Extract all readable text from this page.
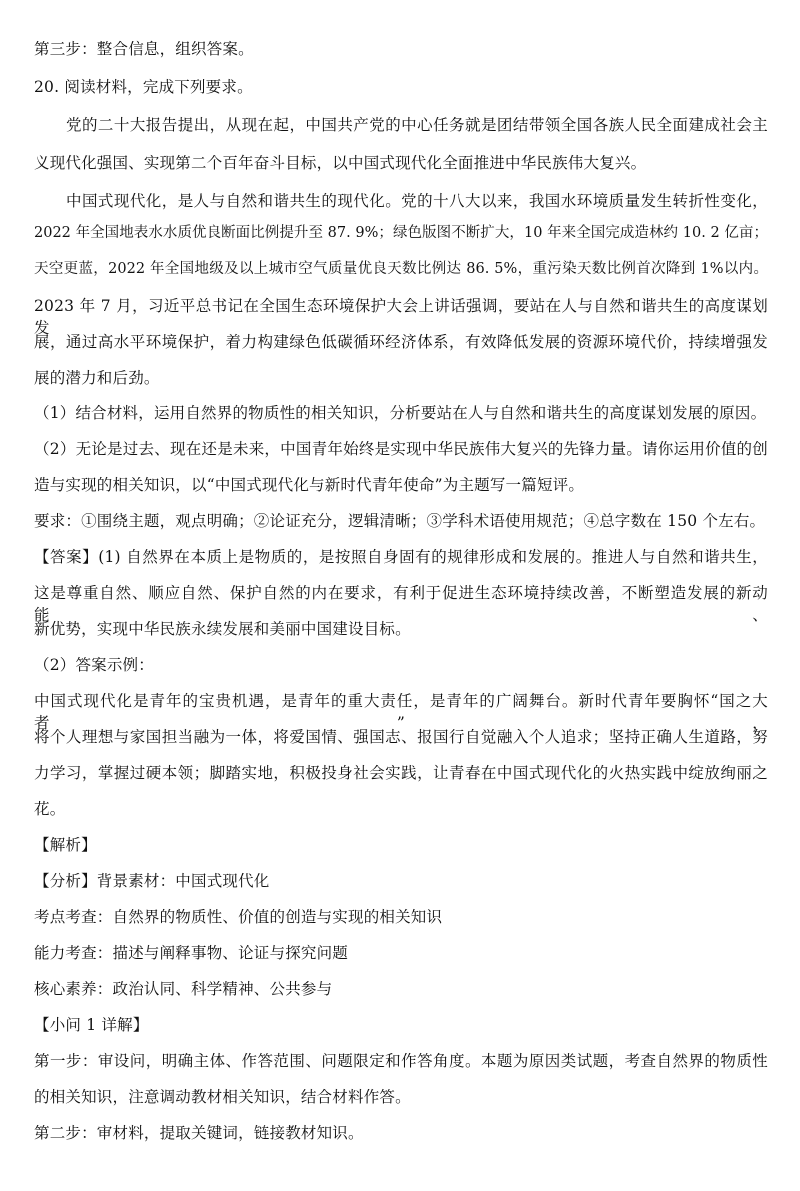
第三步：整合信息，组织答案。
20. 阅读材料，完成下列要求。
党的二十大报告提出，从现在起，中国共产党的中心任务就是团结带领全国各族人民全面建成社会主
义现代化强国、实现第二个百年奋斗目标，以中国式现代化全面推进中华民族伟大复兴。
中国式现代化，是人与自然和谐共生的现代化。党的十八大以来，我国水环境质量发生转折性变化，
2022 年全国地表水水质优良断面比例提升至 87. 9%；绿色版图不断扩大，10 年来全国完成造林约 10. 2 亿亩；
天空更蓝，2022 年全国地级及以上城市空气质量优良天数比例达 86. 5%，重污染天数比例首次降到 1%以内。
2023 年 7 月，习近平总书记在全国生态环境保护大会上讲话强调，要站在人与自然和谐共生的高度谋划发
展，通过高水平环境保护，着力构建绿色低碳循环经济体系，有效降低发展的资源环境代价，持续增强发
展的潜力和后劲。
（1）结合材料，运用自然界的物质性的相关知识，分析要站在人与自然和谐共生的高度谋划发展的原因。
（2）无论是过去、现在还是未来，中国青年始终是实现中华民族伟大复兴的先锋力量。请你运用价值的创
造与实现的相关知识，以“中国式现代化与新时代青年使命”为主题写一篇短评。
要求：①围绕主题，观点明确；②论证充分，逻辑清晰；③学科术语使用规范；④总字数在 150 个左右。
【答案】(1) 自然界在本质上是物质的，是按照自身固有的规律形成和发展的。推进人与自然和谐共生，
这是尊重自然、顺应自然、保护自然的内在要求，有利于促进生态环境持续改善，不断塑造发展的新动能、
新优势，实现中华民族永续发展和美丽中国建设目标。
（2）答案示例：
中国式现代化是青年的宝贵机遇，是青年的重大责任，是青年的广阔舞台。新时代青年要胸怀“国之大者”，
将个人理想与家国担当融为一体，将爱国情、强国志、报国行自觉融入个人追求；坚持正确人生道路，努
力学习，掌握过硬本领；脚踏实地，积极投身社会实践，让青春在中国式现代化的火热实践中绽放绚丽之
花。
【解析】
【分析】背景素材：中国式现代化
考点考查：自然界的物质性、价值的创造与实现的相关知识
能力考查：描述与阐释事物、论证与探究问题
核心素养：政治认同、科学精神、公共参与
【小问 1 详解】
第一步：审设问，明确主体、作答范围、问题限定和作答角度。本题为原因类试题，考查自然界的物质性
的相关知识，注意调动教材相关知识，结合材料作答。
第二步：审材料，提取关键词，链接教材知识。
